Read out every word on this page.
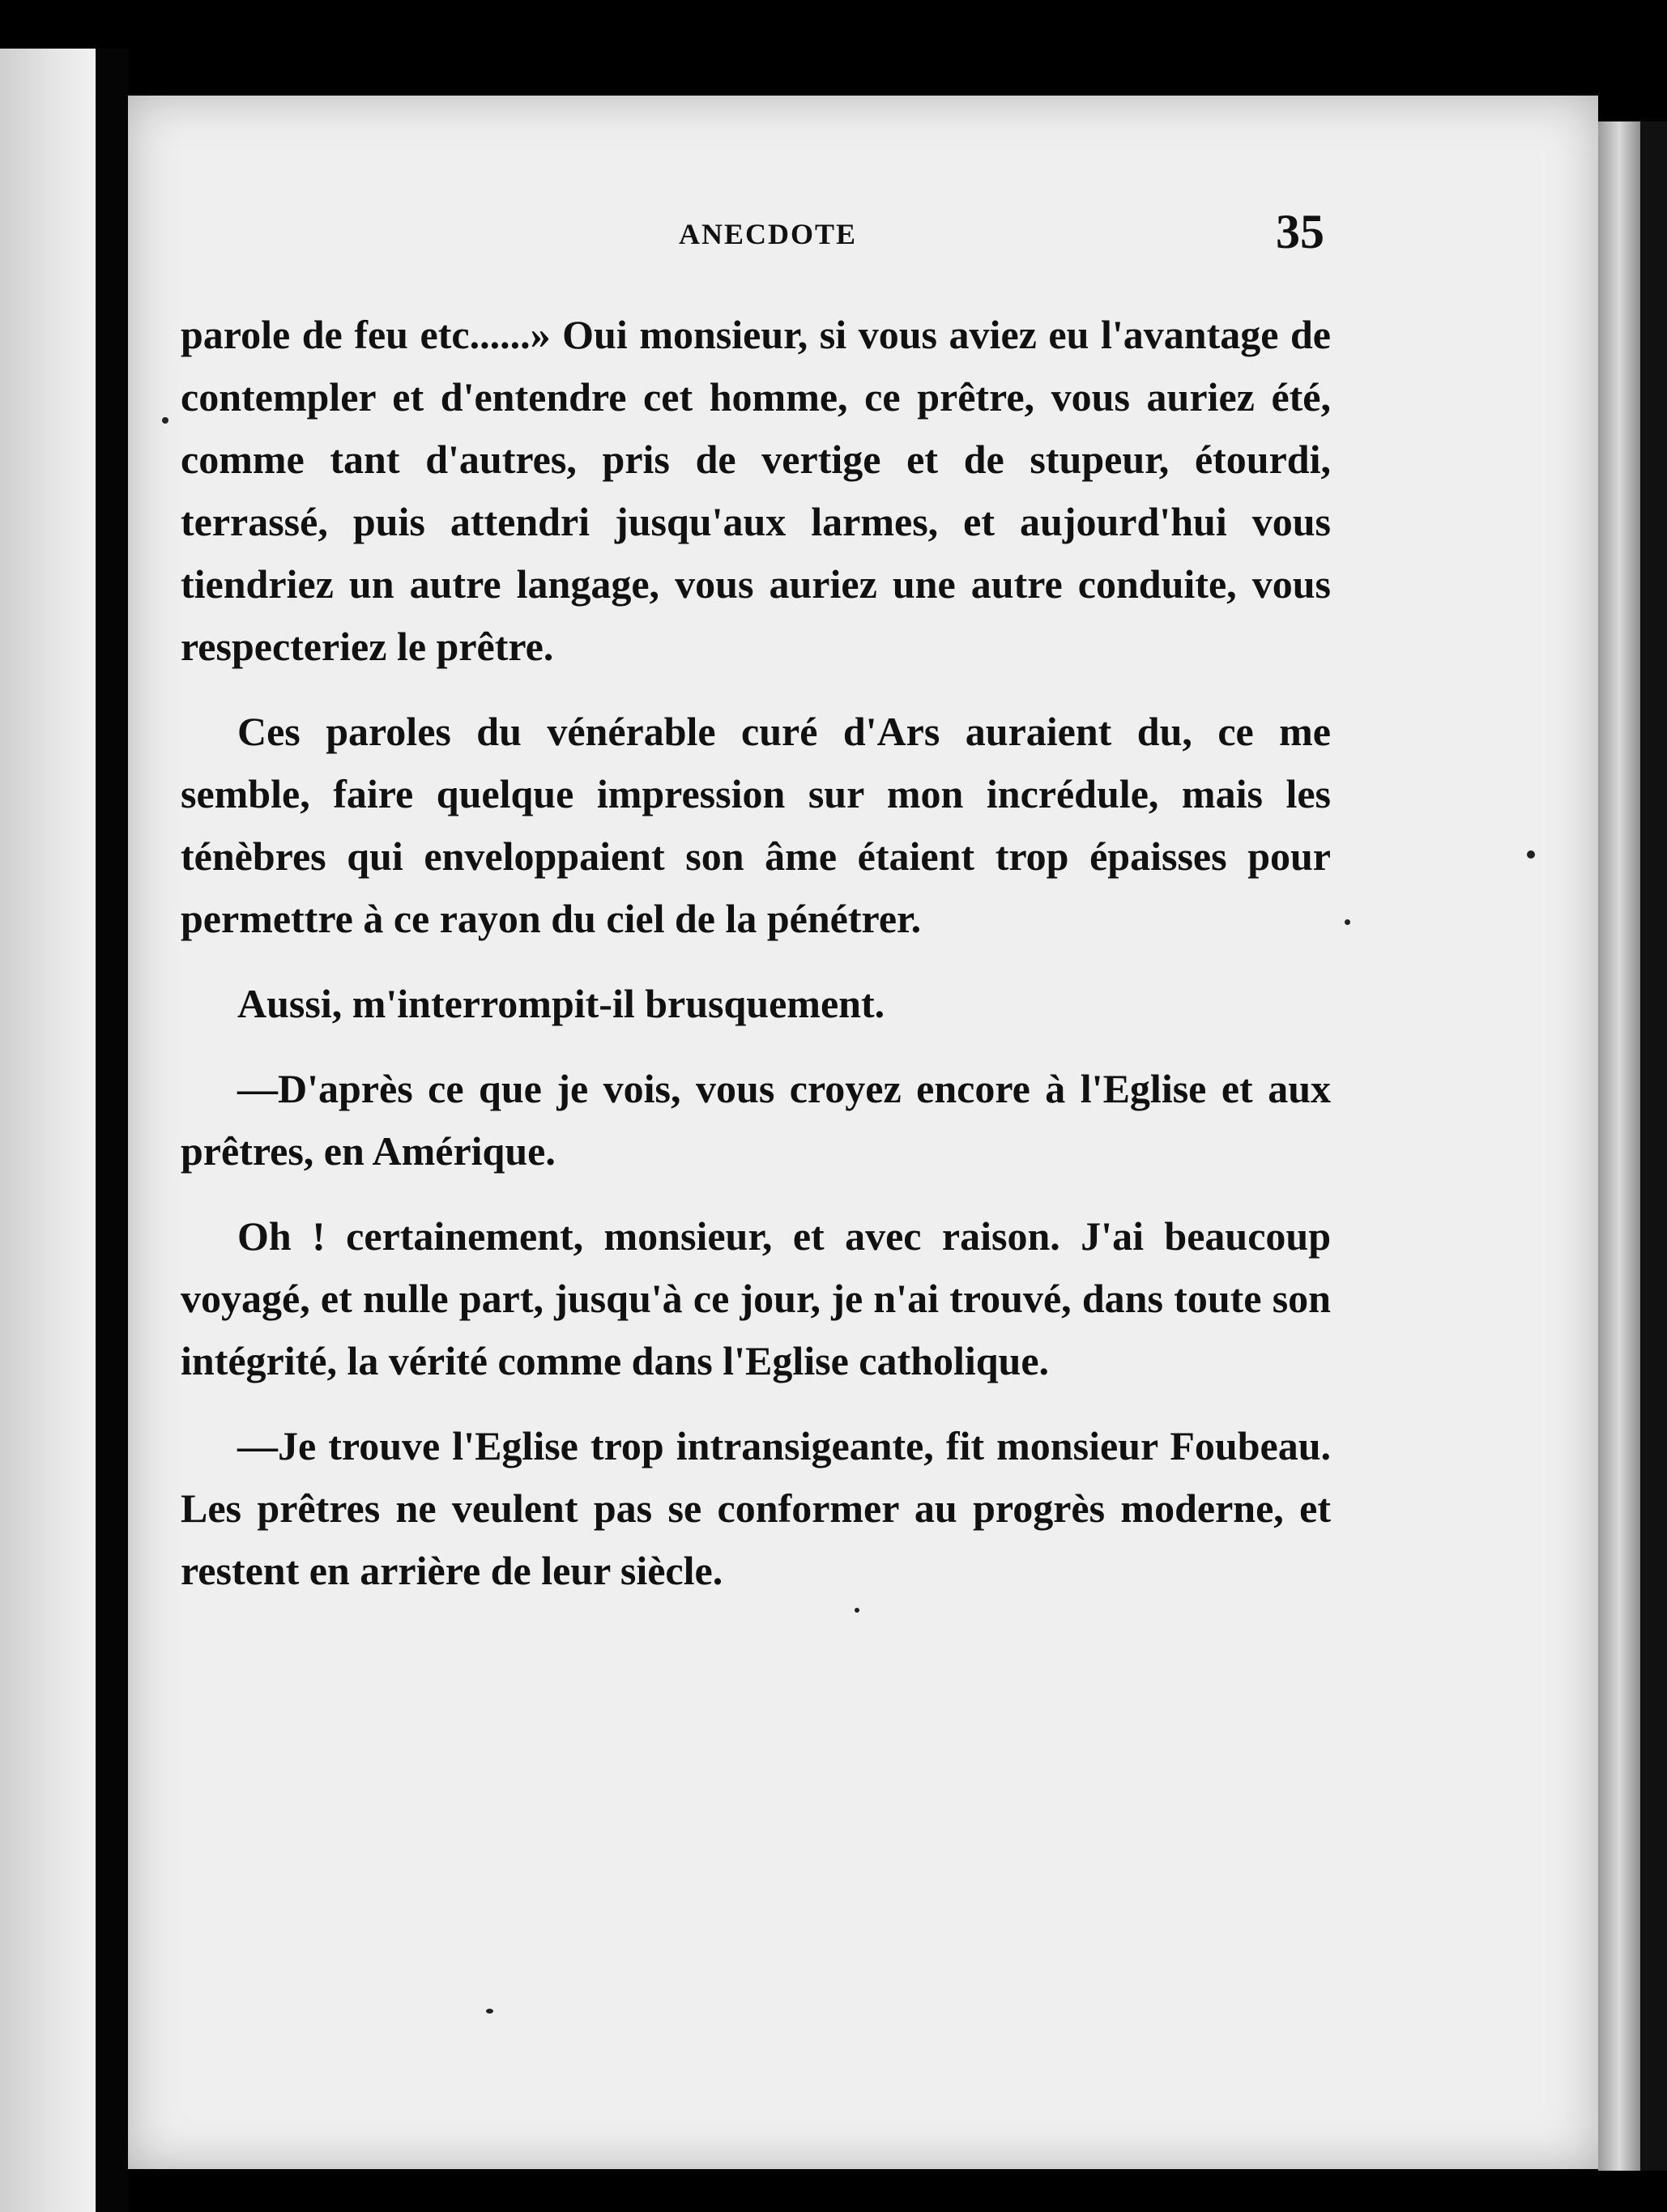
ANECDOTE	35

parole de feu etc......» Oui monsieur, si vous aviez eu l'avantage de contempler et d'entendre cet homme, ce prêtre, vous auriez été, comme tant d'autres, pris de vertige et de stupeur, étourdi, terrassé, puis attendri jusqu'aux larmes, et aujourd'hui vous tiendriez un autre langage, vous auriez une autre conduite, vous respecteriez le prêtre.

Ces paroles du vénérable curé d'Ars auraient du, ce me semble, faire quelque impression sur mon incrédule, mais les ténèbres qui enveloppaient son âme étaient trop épaisses pour permettre à ce rayon du ciel de la pénétrer.

Aussi, m'interrompit-il brusquement.

—D'après ce que je vois, vous croyez encore à l'Eglise et aux prêtres, en Amérique.

Oh ! certainement, monsieur, et avec raison. J'ai beaucoup voyagé, et nulle part, jusqu'à ce jour, je n'ai trouvé, dans toute son intégrité, la vérité comme dans l'Eglise catholique.

—Je trouve l'Eglise trop intransigeante, fit monsieur Foubeau. Les prêtres ne veulent pas se conformer au progrès moderne, et restent en arrière de leur siècle.
